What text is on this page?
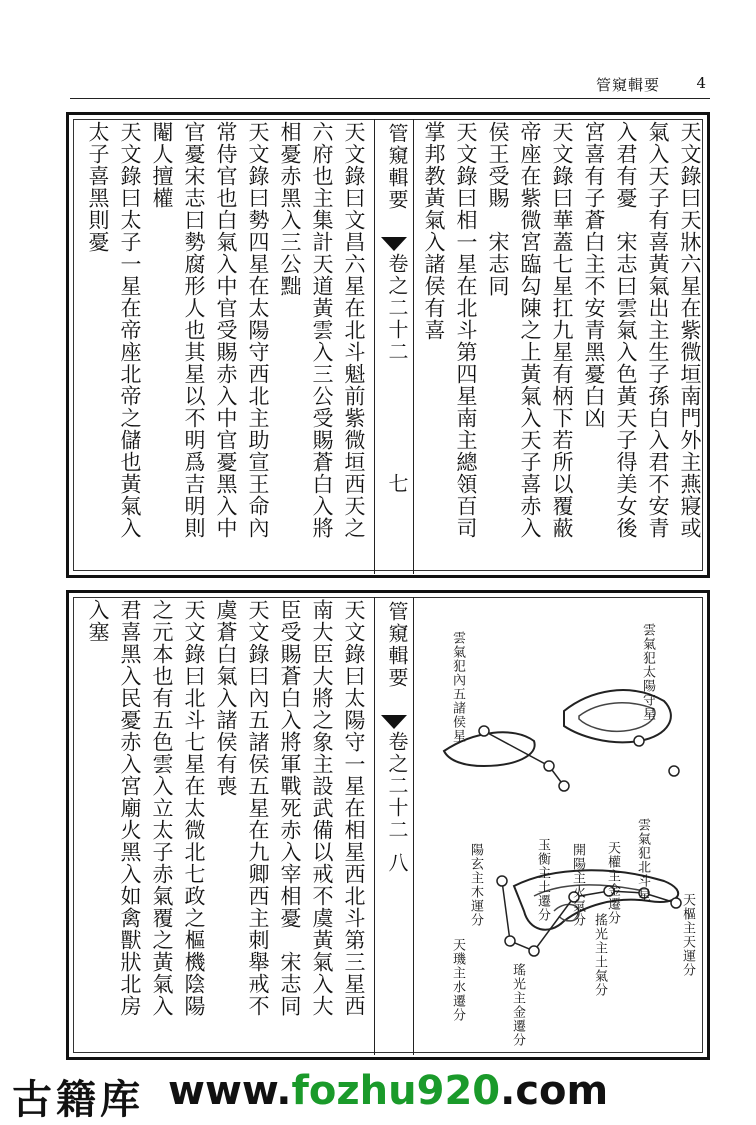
管窺輯要 4
天文錄曰天牀六星在紫微垣南門外主燕寢或
氣入天子有喜黃氣出主生子孫白入君不安青
入君有憂　宋志曰雲氣入色黃天子得美女後
宮喜有子蒼白主不安青黑憂白凶
天文錄曰華蓋七星扛九星有柄下若所以覆蔽
帝座在紫微宮臨勾陳之上黃氣入天子喜赤入
侯王受賜　宋志同
天文錄曰相一星在北斗第四星南主總領百司
掌邦教黃氣入諸侯有喜
管窺輯要
卷之二十二
七
天文錄曰文昌六星在北斗魁前紫微垣西天之
六府也主集計天道黃雲入三公受賜蒼白入將
相憂赤黑入三公黜
天文錄曰勢四星在太陽守西北主助宣王命內
常侍官也白氣入中官受賜赤入中官憂黑入中
官憂宋志曰勢腐形人也其星以不明爲吉明則
閹人擅權
天文錄曰太子一星在帝座北帝之儲也黃氣入
太子喜黑則憂
雲氣犯內五諸侯星	雲氣犯太陽守星
雲氣犯北斗星
陽玄主木運分	玉衡主土遷分 開陽主火氣分 天權主金遷分
天樞主天運分
搖光主土氣分
天璣主水遷分	瑤光主金遷分
管窺輯要
卷之二十二
八
天文錄曰太陽守一星在相星西北斗第三星西
南大臣大將之象主設武備以戒不虞黃氣入大
臣受賜蒼白入將軍戰死赤入宰相憂　宋志同
天文錄曰內五諸侯五星在九卿西主刺舉戒不
虞蒼白氣入諸侯有喪
天文錄曰北斗七星在太微北七政之樞機陰陽
之元本也有五色雲入立太子赤氣覆之黃氣入
君喜黑入民憂赤入宮廟火黑入如禽獸狀北房
入塞
古籍库 www.fozhu920.com
